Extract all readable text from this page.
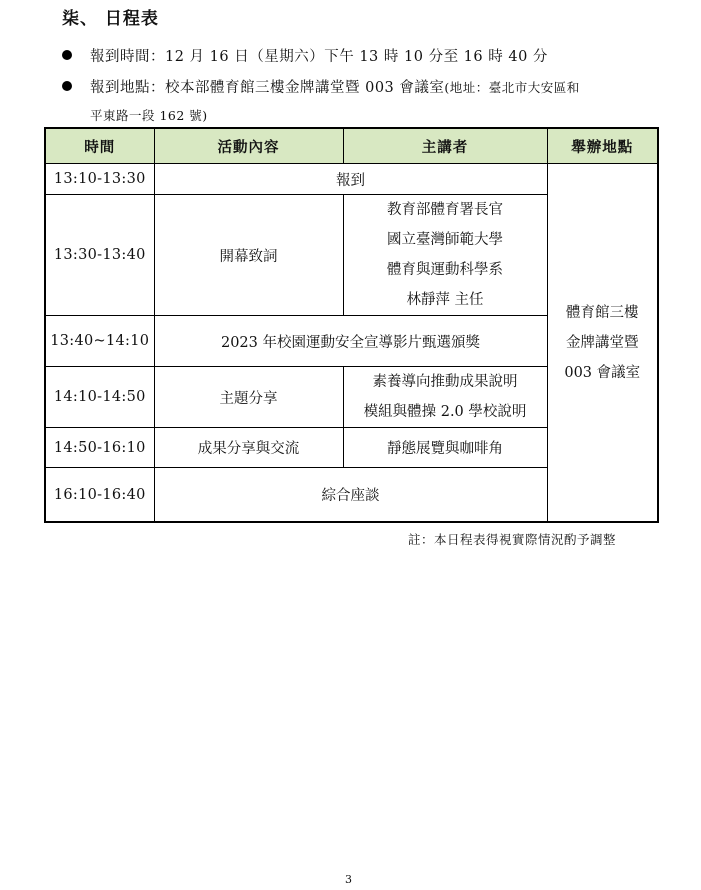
柒、 日程表
報到時間：12 月 16 日（星期六）下午 13 時 10 分至 16 時 40 分
報到地點：校本部體育館三樓金牌講堂暨 003 會議室(地址：臺北市大安區和
平東路一段 162 號)
時間	活動內容	主講者	舉辦地點
13:10-13:30	報到		體育館三樓
金牌講堂暨
003 會議室

13:30-13:40	開幕致詞	教育部體育署長官
國立臺灣師範大學
體育與運動科學系
林靜萍 主任	

13:40~14:10	2023 年校園運動安全宣導影片甄選頒獎		
14:10-14:50	主題分享	素養導向推動成果說明
模組與體操 2.0 學校說明	

14:50-16:10	成果分享與交流	靜態展覽與咖啡角	
16:10-16:40	綜合座談		
註：本日程表得視實際情況酌予調整
3
